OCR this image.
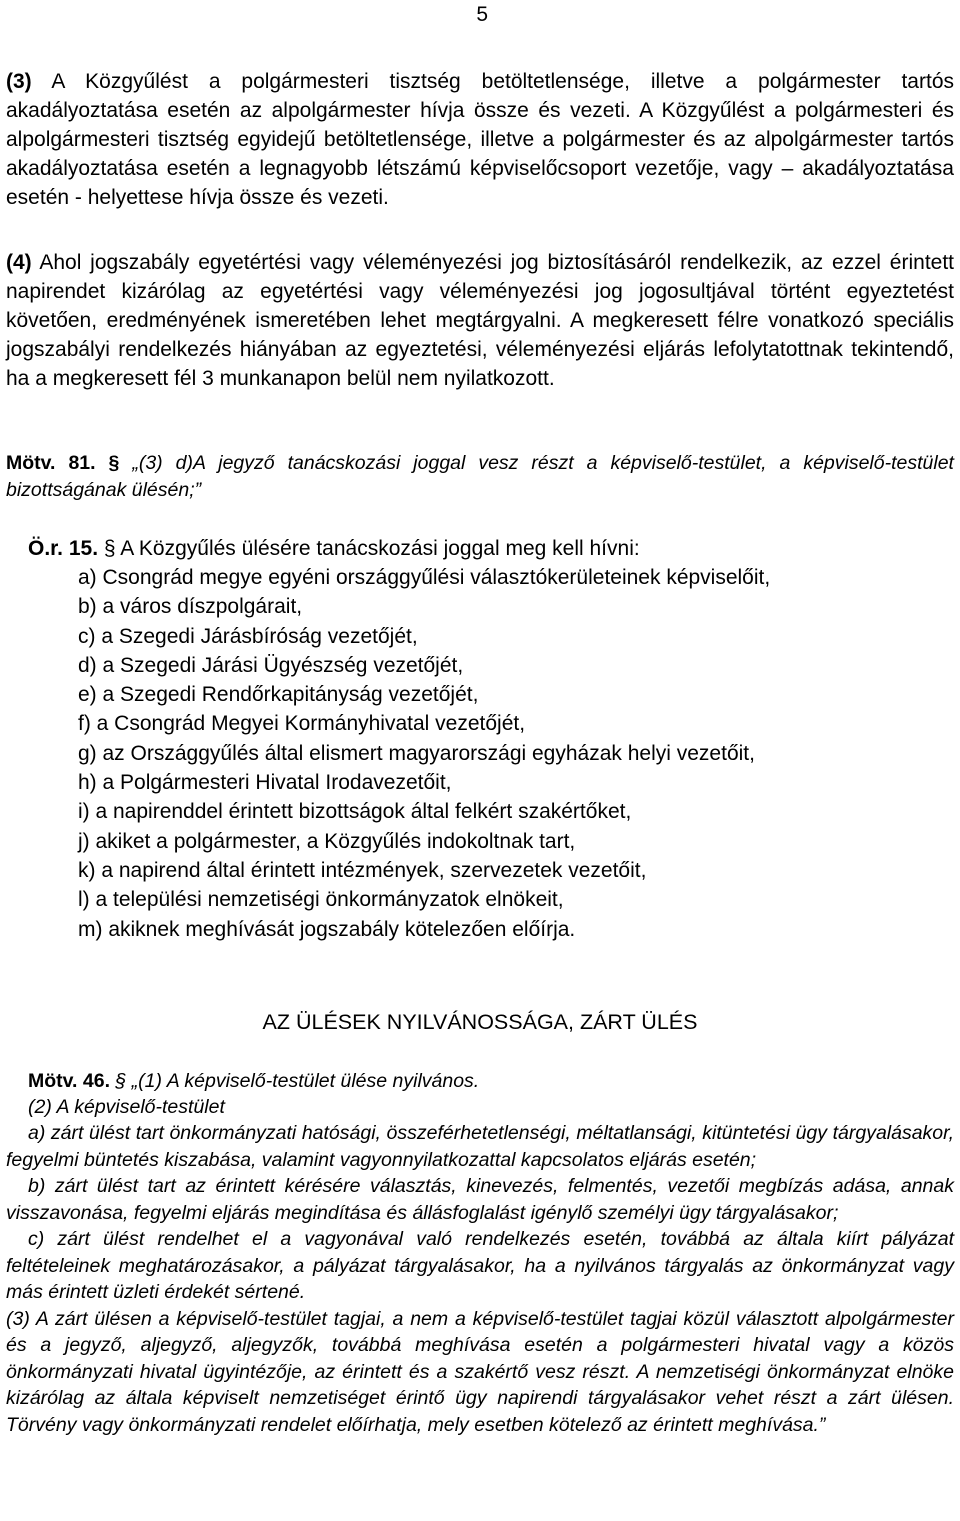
5

(3) A Közgyűlést a polgármesteri tisztség betöltetlensége, illetve a polgármester tartós akadályoztatása esetén az alpolgármester hívja össze és vezeti. A Közgyűlést a polgármesteri és alpolgármesteri tisztség egyidejű betöltetlensége, illetve a polgármester és az alpolgármester tartós akadályoztatása esetén a legnagyobb létszámú képviselőcsoport vezetője, vagy – akadályoztatása esetén - helyettese hívja össze és vezeti.

(4) Ahol jogszabály egyetértési vagy véleményezési jog biztosításáról rendelkezik, az ezzel érintett napirendet kizárólag az egyetértési vagy véleményezési jog jogosultjával történt egyeztetést követően, eredményének ismeretében lehet megtárgyalni. A megkeresett félre vonatkozó speciális jogszabályi rendelkezés hiányában az egyeztetési, véleményezési eljárás lefolytatottnak tekintendő, ha a megkeresett fél 3 munkanapon belül nem nyilatkozott.

Mötv. 81. § „(3) d)A jegyző tanácskozási joggal vesz részt a képviselő-testület, a képviselő-testület bizottságának ülésén;”

Ö.r. 15. § A Közgyűlés ülésére tanácskozási joggal meg kell hívni:
a) Csongrád megye egyéni országgyűlési választókerületeinek képviselőit,
b) a város díszpolgárait,
c) a Szegedi Járásbíróság vezetőjét,
d) a Szegedi Járási Ügyészség vezetőjét,
e) a Szegedi Rendőrkapitányság vezetőjét,
f) a Csongrád Megyei Kormányhivatal vezetőjét,
g) az Országgyűlés által elismert magyarországi egyházak helyi vezetőit,
h) a Polgármesteri Hivatal Irodavezetőit,
i) a napirenddel érintett bizottságok által felkért szakértőket,
j) akiket a polgármester, a Közgyűlés indokoltnak tart,
k) a napirend által érintett intézmények, szervezetek vezetőit,
l) a települési nemzetiségi önkormányzatok elnökeit,
m) akiknek meghívását jogszabály kötelezően előírja.
AZ ÜLÉSEK NYILVÁNOSSÁGA, ZÁRT ÜLÉS
Mötv. 46. § „(1) A képviselő-testület ülése nyilvános.
(2) A képviselő-testület

a) zárt ülést tart önkormányzati hatósági, összeférhetetlenségi, méltatlansági, kitüntetési ügy tárgyalásakor, fegyelmi büntetés kiszabása, valamint vagyonnyilatkozattal kapcsolatos eljárás esetén;

b) zárt ülést tart az érintett kérésére választás, kinevezés, felmentés, vezetői megbízás adása, annak visszavonása, fegyelmi eljárás megindítása és állásfoglalást igénylő személyi ügy tárgyalásakor;

c) zárt ülést rendelhet el a vagyonával való rendelkezés esetén, továbbá az általa kiírt pályázat feltételeinek meghatározásakor, a pályázat tárgyalásakor, ha a nyilvános tárgyalás az önkormányzat vagy más érintett üzleti érdekét sértené.

(3) A zárt ülésen a képviselő-testület tagjai, a nem a képviselő-testület tagjai közül választott alpolgármester és a jegyző, aljegyző, aljegyzők, továbbá meghívása esetén a polgármesteri hivatal vagy a közös önkormányzati hivatal ügyintézője, az érintett és a szakértő vesz részt. A nemzetiségi önkormányzat elnöke kizárólag az általa képviselt nemzetiséget érintő ügy napirendi tárgyalásakor vehet részt a zárt ülésen. Törvény vagy önkormányzati rendelet előírhatja, mely esetben kötelező az érintett meghívása.”
